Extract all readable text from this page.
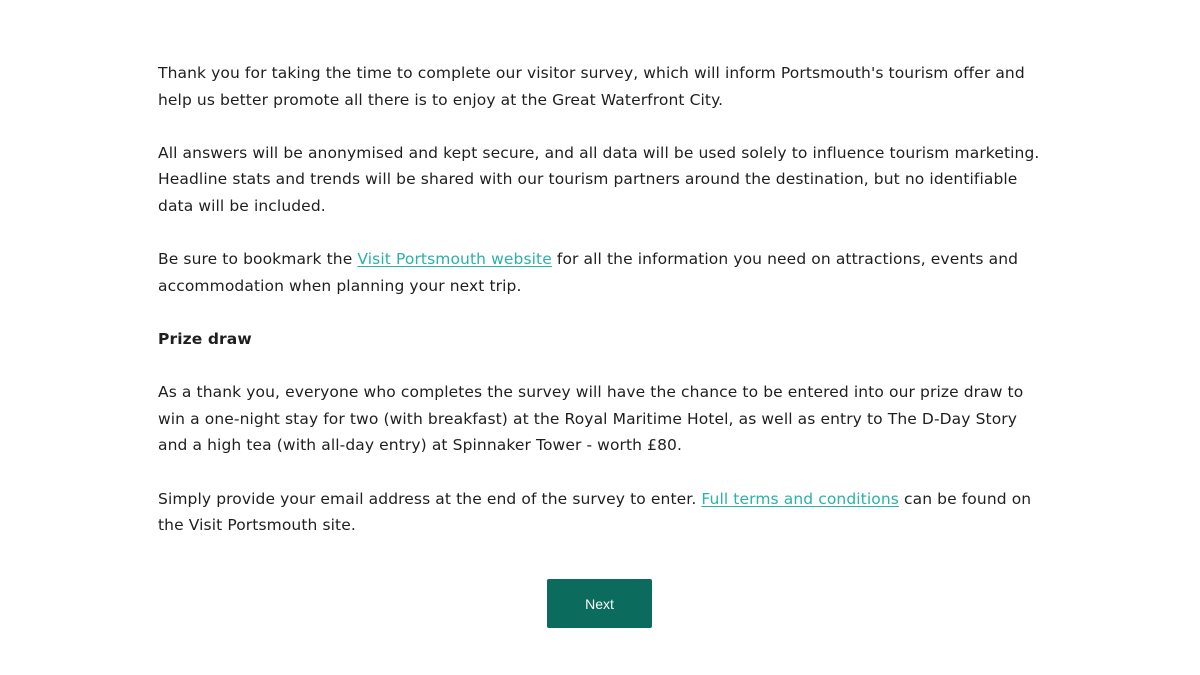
Thank you for taking the time to complete our visitor survey, which will inform Portsmouth's tourism offer and help us better promote all there is to enjoy at the Great Waterfront City.

All answers will be anonymised and kept secure, and all data will be used solely to influence tourism marketing. Headline stats and trends will be shared with our tourism partners around the destination, but no identifiable data will be included.

Be sure to bookmark the Visit Portsmouth website for all the information you need on attractions, events and accommodation when planning your next trip.

Prize draw

As a thank you, everyone who completes the survey will have the chance to be entered into our prize draw to win a one-night stay for two (with breakfast) at the Royal Maritime Hotel, as well as entry to The D-Day Story and a high tea (with all-day entry) at Spinnaker Tower - worth £80.

Simply provide your email address at the end of the survey to enter. Full terms and conditions can be found on the Visit Portsmouth site.

Next
